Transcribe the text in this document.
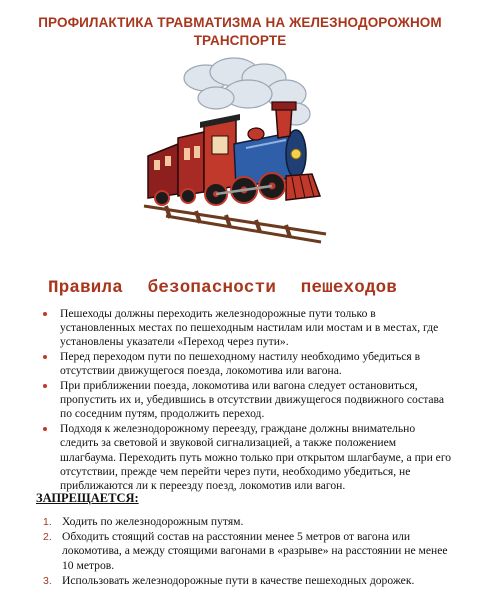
ПРОФИЛАКТИКА ТРАВМАТИЗМА НА ЖЕЛЕЗНОДОРОЖНОМ ТРАНСПОРТЕ
Правила безопасности пешеходов
Пешеходы должны переходить железнодорожные пути только в установленных местах по пешеходным настилам или мостам и в местах, где установлены указатели «Переход через пути».
Перед переходом пути по пешеходному настилу необходимо убедиться в отсутствии движущегося поезда, локомотива или вагона.
При приближении поезда, локомотива или вагона следует остановиться, пропустить их и, убедившись в отсутствии движущегося подвижного состава по соседним путям, продолжить переход.
Подходя к железнодорожному переезду, граждане должны внимательно следить за световой и звуковой сигнализацией, а также положением шлагбаума. Переходить путь можно только при открытом шлагбауме, а при его отсутствии, прежде чем перейти через пути, необходимо убедиться, не приближаются ли к переезду поезд, локомотив или вагон.
ЗАПРЕЩАЕТСЯ:
1. Ходить по железнодорожным путям.
2. Обходить стоящий состав на расстоянии менее 5 метров от вагона или локомотива, а между стоящими вагонами в «разрыве» на расстоянии не менее 10 метров.
3. Использовать железнодорожные пути в качестве пешеходных дорожек.
